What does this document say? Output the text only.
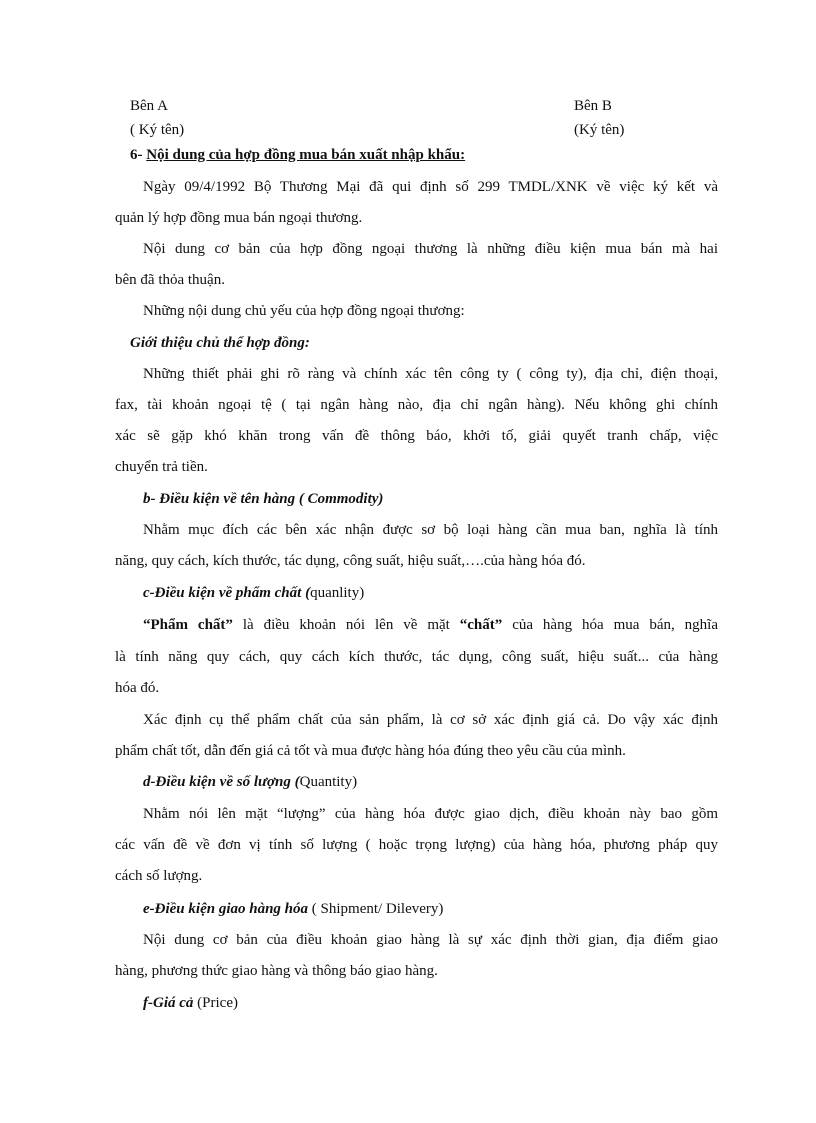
Bên A	Bên B
( Ký tên)	(Ký tên)
6- Nội dung của hợp đồng mua bán xuất nhập khẩu:
Ngày 09/4/1992 Bộ Thương Mại đã qui định số 299 TMDL/XNK về việc ký kết và
quản lý hợp đồng mua bán ngoại thương.
Nội dung cơ bản của hợp đồng ngoại thương là những điều kiện mua bán mà hai
bên đã thỏa thuận.
Những nội dung chủ yếu của hợp đồng ngoại thương:
Giới thiệu chủ thể hợp đồng:
Những thiết phải ghi rõ ràng và chính xác tên công ty ( công ty), địa chỉ, điện thoại,
fax, tài khoản ngoại tệ ( tại ngân hàng nào, địa chỉ ngân hàng). Nếu không ghi chính
xác sẽ gặp khó khăn trong vấn đề thông báo, khởi tố, giải quyết tranh chấp, việc
chuyển trả tiền.
b- Điều kiện về tên hàng ( Commodity)
Nhằm mục đích các bên xác nhận được sơ bộ loại hàng cần mua ban, nghĩa là tính
năng, quy cách, kích thước, tác dụng, công suất, hiệu suất,….của hàng hóa đó.
c-Điều kiện về phẩm chất (quanlity)
“Phẩm chất” là điều khoản nói lên về mặt “chất” của hàng hóa mua bán, nghĩa
là tính năng quy cách, quy cách kích thước, tác dụng, công suất, hiệu suất... của hàng
hóa đó.
Xác định cụ thể phẩm chất của sản phẩm, là cơ sở xác định giá cả. Do vậy xác định
phẩm chất tốt, dẫn đến giá cả tốt và mua được hàng hóa đúng theo yêu cầu của mình.
d-Điều kiện về số lượng (Quantity)
Nhằm nói lên mặt “lượng” của hàng hóa được giao dịch, điều khoản này bao gồm
các vấn đề về đơn vị tính số lượng ( hoặc trọng lượng) của hàng hóa, phương pháp quy
cách số lượng.
e-Điều kiện giao hàng hóa ( Shipment/ Dilevery)
Nội dung cơ bản của điều khoản giao hàng là sự xác định thời gian, địa điểm giao
hàng, phương thức giao hàng và thông báo giao hàng.
f-Giá cả (Price)
